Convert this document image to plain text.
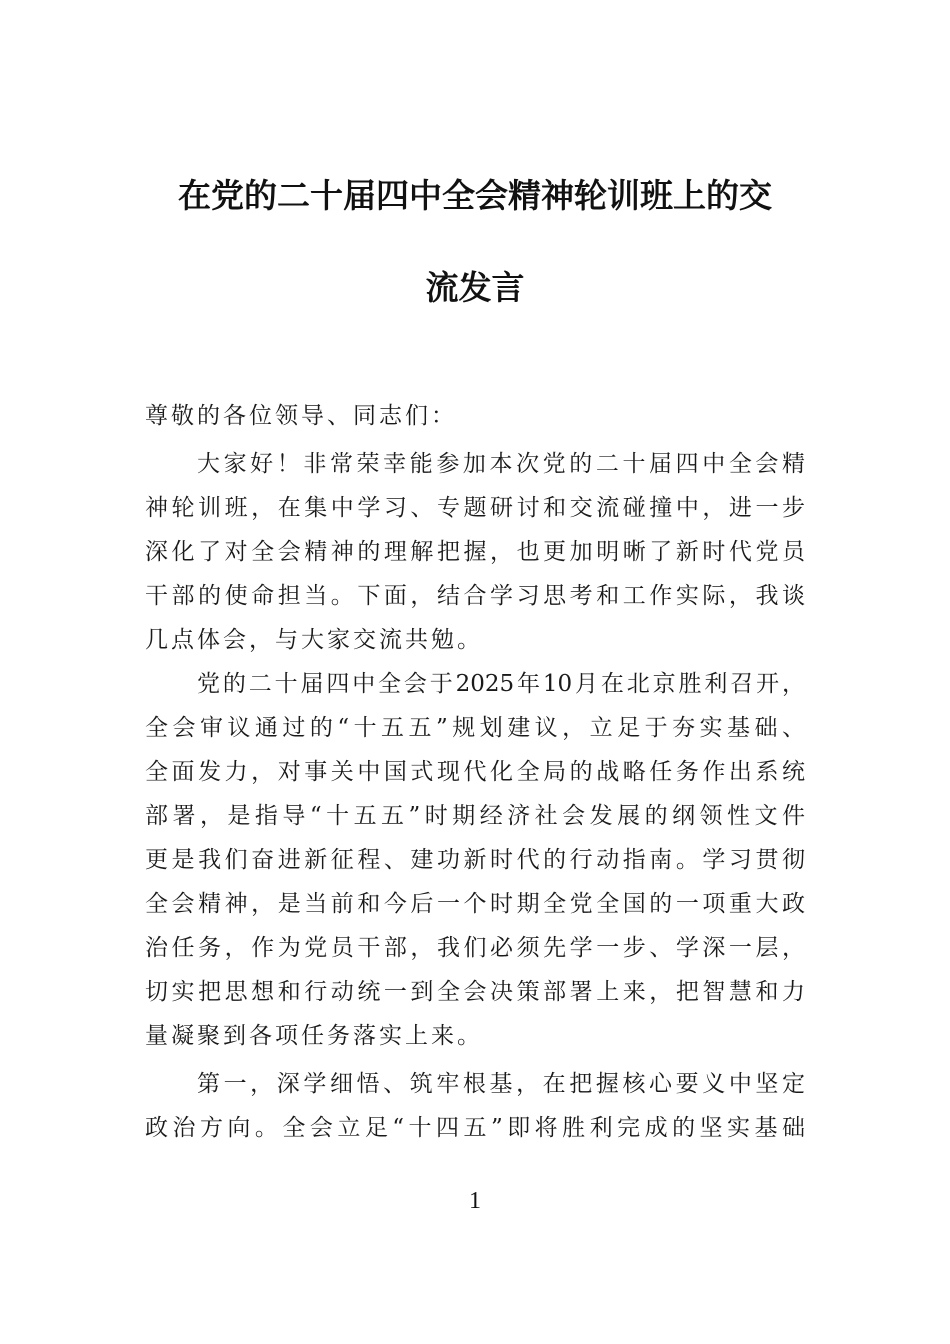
在党的二十届四中全会精神轮训班上的交
流发言
尊敬的各位领导、同志们：
大家好！非常荣幸能参加本次党的二十届四中全会精
神轮训班，在集中学习、专题研讨和交流碰撞中，进一步
深化了对全会精神的理解把握，也更加明晰了新时代党员
干部的使命担当。下面，结合学习思考和工作实际，我谈
几点体会，与大家交流共勉。
党的二十届四中全会于2025年10月在北京胜利召开，
全会审议通过的“十五五”规划建议，立足于夯实基础、
全面发力，对事关中国式现代化全局的战略任务作出系统
部署，是指导“十五五”时期经济社会发展的纲领性文件
更是我们奋进新征程、建功新时代的行动指南。学习贯彻
全会精神，是当前和今后一个时期全党全国的一项重大政
治任务，作为党员干部，我们必须先学一步、学深一层，
切实把思想和行动统一到全会决策部署上来，把智慧和力
量凝聚到各项任务落实上来。
第一，深学细悟、筑牢根基，在把握核心要义中坚定
政治方向。全会立足“十四五”即将胜利完成的坚实基础
1
